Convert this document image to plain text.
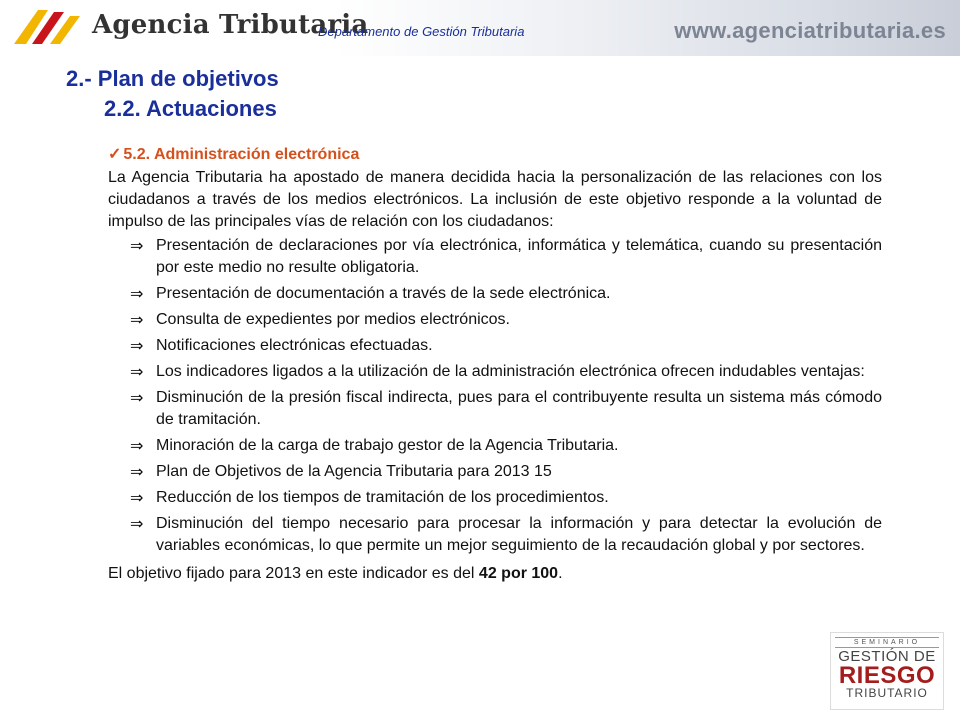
Agencia Tributaria
Departamento de Gestión Tributaria	www.agenciatributaria.es
2.- Plan de objetivos
2.2. Actuaciones
✓ 5.2. Administración electrónica

La Agencia Tributaria ha apostado de manera decidida hacia la personalización de las relaciones con los ciudadanos a través de los medios electrónicos. La inclusión de este objetivo responde a la voluntad de impulso de las principales vías de relación con los ciudadanos:

⇒ Presentación de declaraciones por vía electrónica, informática y telemática, cuando su presentación por este medio no resulte obligatoria.
⇒ Presentación de documentación a través de la sede electrónica.
⇒ Consulta de expedientes por medios electrónicos.
⇒ Notificaciones electrónicas efectuadas.
⇒ Los indicadores ligados a la utilización de la administración electrónica ofrecen indudables ventajas:
⇒ Disminución de la presión fiscal indirecta, pues para el contribuyente resulta un sistema más cómodo de tramitación.
⇒ Minoración de la carga de trabajo gestor de la Agencia Tributaria.
⇒ Plan de Objetivos de la Agencia Tributaria para 2013 15
⇒ Reducción de los tiempos de tramitación de los procedimientos.
⇒ Disminución del tiempo necesario para procesar la información y para detectar la evolución de variables económicas, lo que permite un mejor seguimiento de la recaudación global y por sectores.

El objetivo fijado para 2013 en este indicador es del 42 por 100.

SEMINARIO
GESTIÓN DE
RIESGO
TRIBUTARIO
